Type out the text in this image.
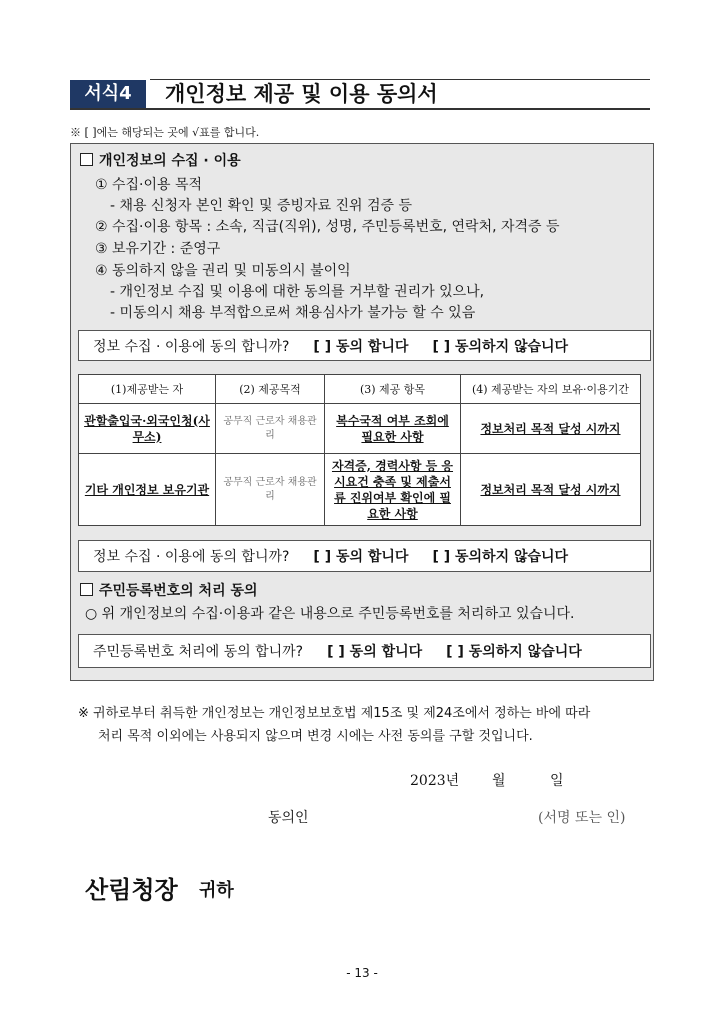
서식4	개인정보 제공 및 이용 동의서
※ [ ]에는 해당되는 곳에 √표를 합니다.
개인정보의 수집 · 이용
① 수집·이용 목적
- 채용 신청자 본인 확인 및 증빙자료 진위 검증 등
② 수집·이용 항목 : 소속, 직급(직위), 성명, 주민등록번호, 연락처, 자격증 등
③ 보유기간 : 준영구
④ 동의하지 않을 권리 및 미동의시 불이익
- 개인정보 수집 및 이용에 대한 동의를 거부할 권리가 있으나,
- 미동의시 채용 부적합으로써 채용심사가 불가능 할 수 있음
정보 수집 · 이용에 동의 합니까? [ ] 동의 합니다 [ ] 동의하지 않습니다
(1)제공받는 자	(2) 제공목적	(3) 제공 항목	(4) 제공받는 자의 보유·이용기간
관할출입국·외국인청(사무소)	공무직 근로자 채용관리	복수국적 여부 조회에 필요한 사항	정보처리 목적 달성 시까지
기타 개인정보 보유기관	공무직 근로자 채용관리	자격증, 경력사항 등 응시요건 충족 및 제출서류 진위여부 확인에 필요한 사항	정보처리 목적 달성 시까지
정보 수집 · 이용에 동의 합니까? [ ] 동의 합니다 [ ] 동의하지 않습니다
주민등록번호의 처리 동의
○ 위 개인정보의 수집·이용과 같은 내용으로 주민등록번호를 처리하고 있습니다.
주민등록번호 처리에 동의 합니까? [ ] 동의 합니다 [ ] 동의하지 않습니다
※ 귀하로부터 취득한 개인정보는 개인정보보호법 제15조 및 제24조에서 정하는 바에 따라
처리 목적 이외에는 사용되지 않으며 변경 시에는 사전 동의를 구할 것입니다.
2023년 월	일
동의인	(서명 또는 인)
산림청장 귀하
- 13 -
